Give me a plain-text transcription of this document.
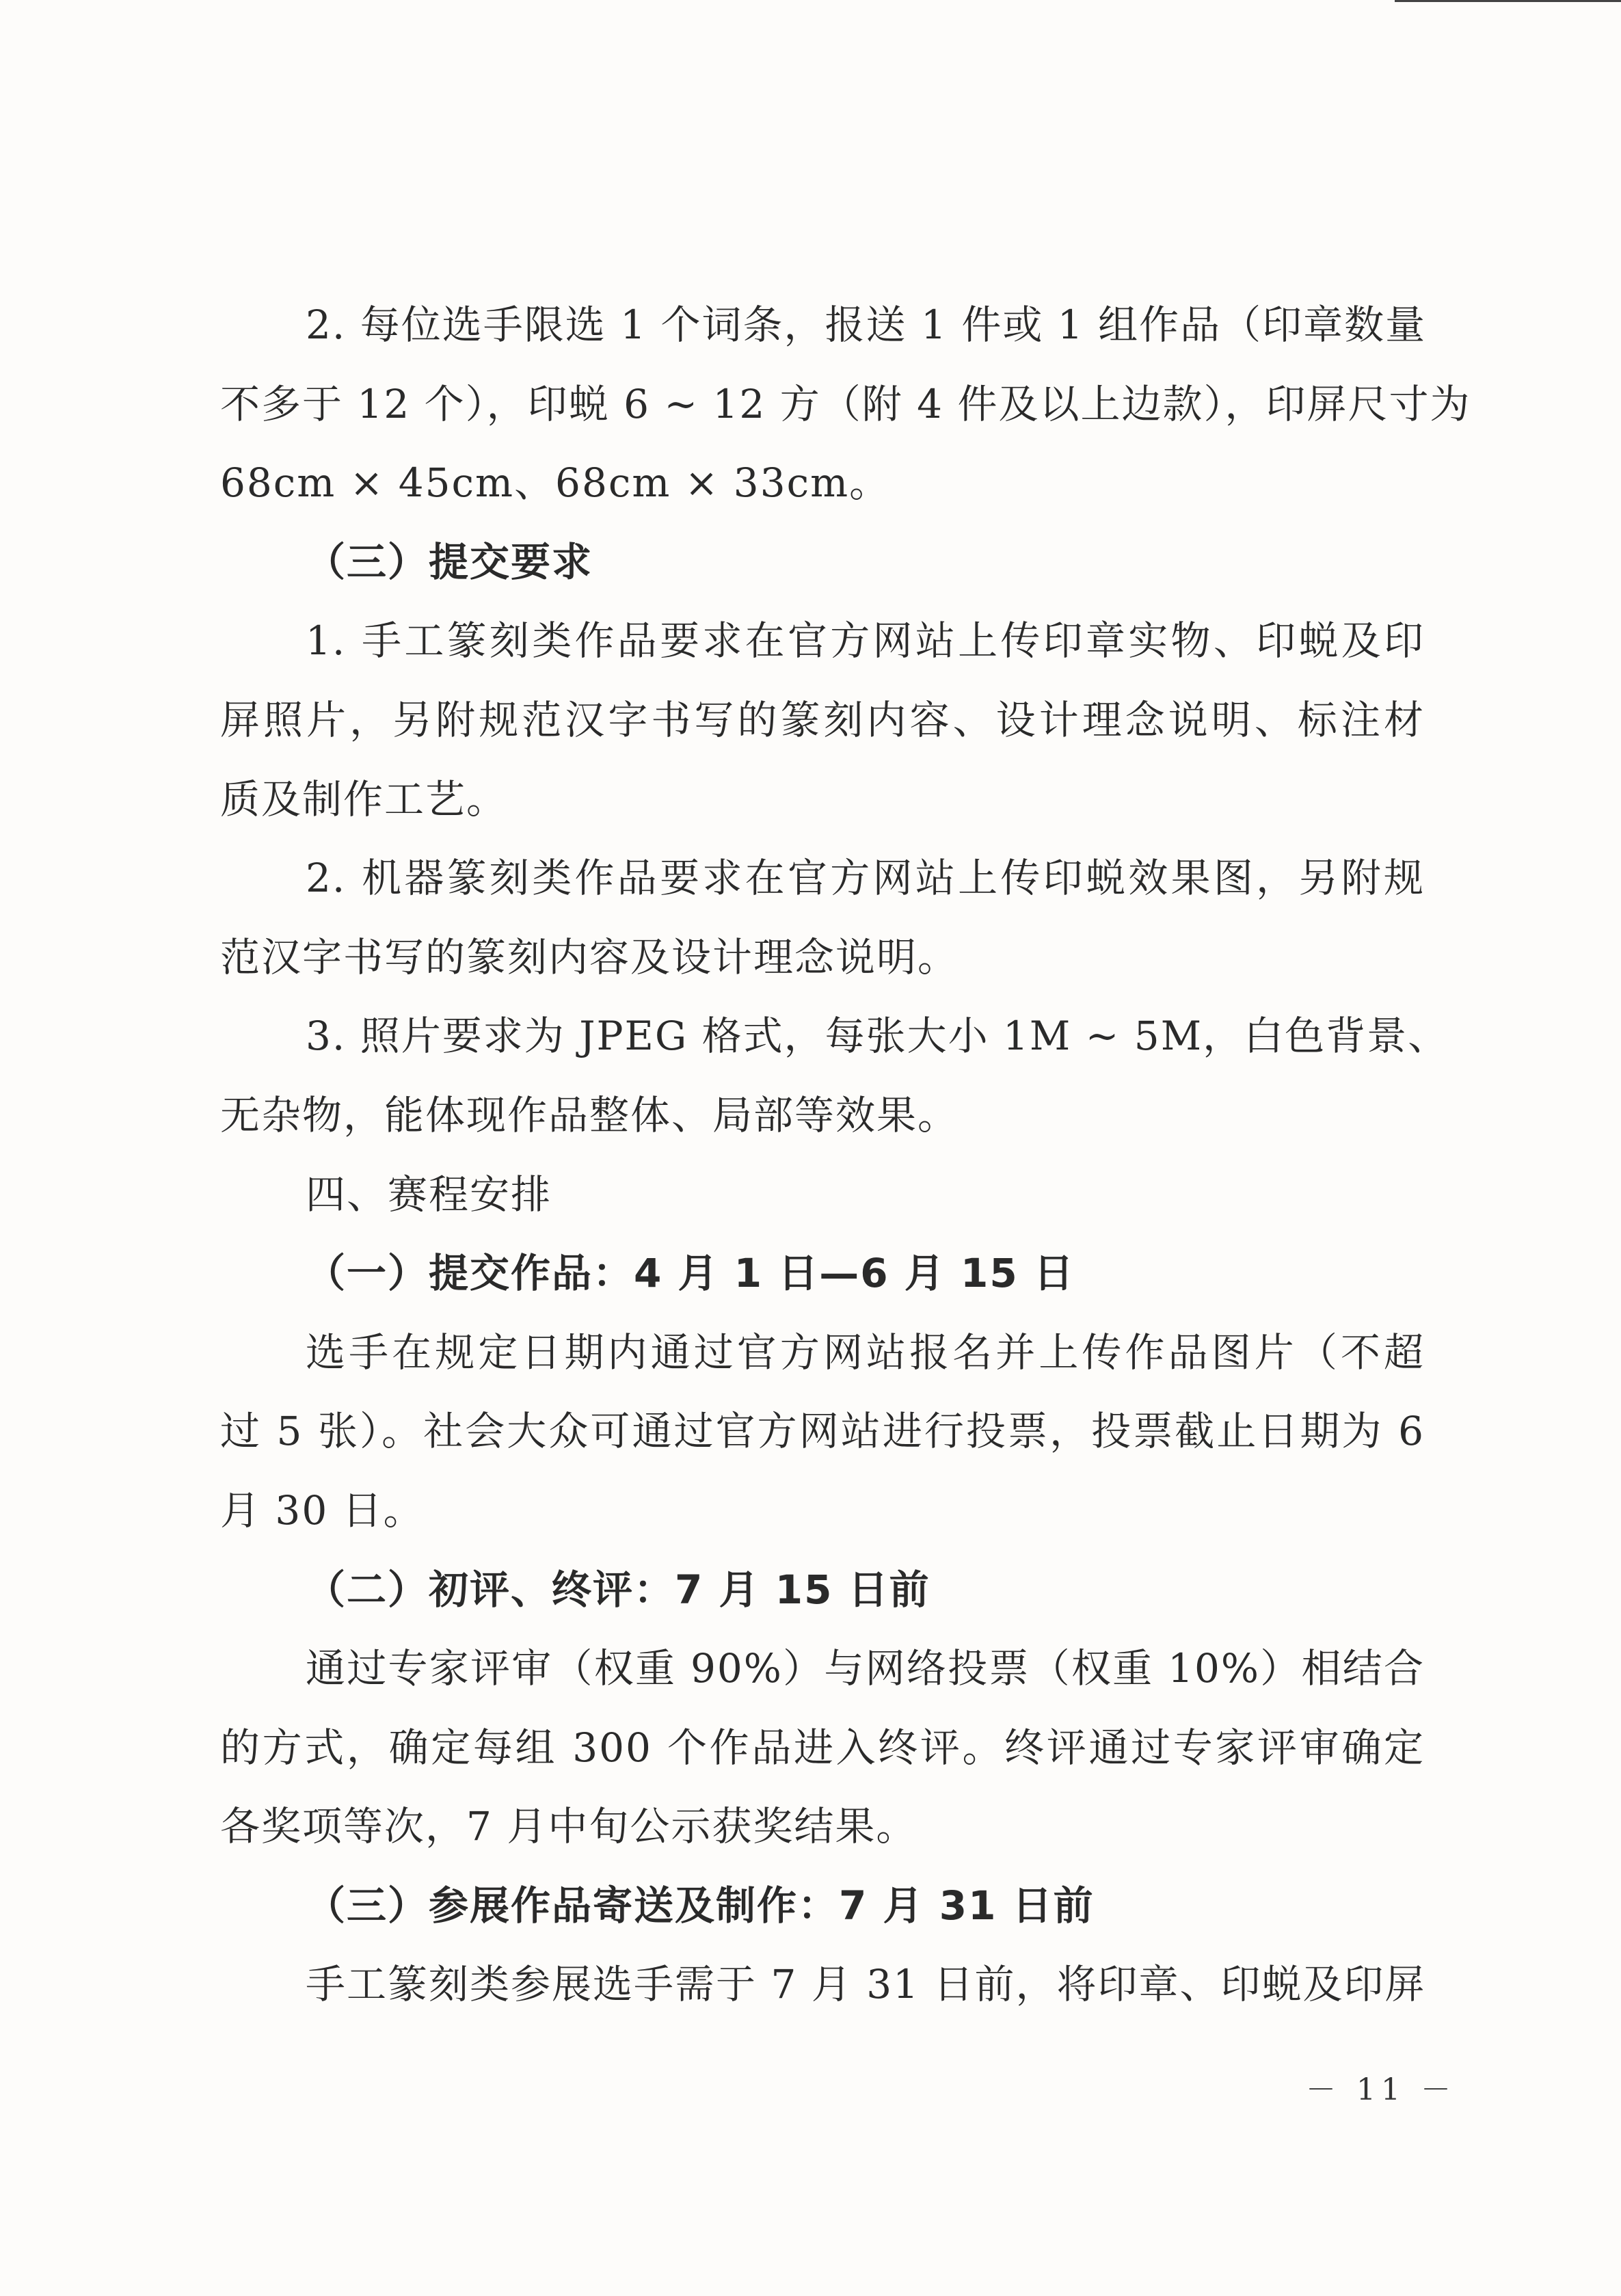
2. 每位选手限选 1 个词条，报送 1 件或 1 组作品（印章数量
不多于 12 个），印蜕 6 ~ 12 方（附 4 件及以上边款），印屏尺寸为
68cm × 45cm、68cm × 33cm。
（三）提交要求
1. 手工篆刻类作品要求在官方网站上传印章实物、印蜕及印
屏照片，另附规范汉字书写的篆刻内容、设计理念说明、标注材
质及制作工艺。
2. 机器篆刻类作品要求在官方网站上传印蜕效果图，另附规
范汉字书写的篆刻内容及设计理念说明。
3. 照片要求为 JPEG 格式，每张大小 1M ~ 5M，白色背景、
无杂物，能体现作品整体、局部等效果。
四、赛程安排
（一）提交作品：4 月 1 日—6 月 15 日
选手在规定日期内通过官方网站报名并上传作品图片（不超
过 5 张）。社会大众可通过官方网站进行投票，投票截止日期为 6
月 30 日。
（二）初评、终评：7 月 15 日前
通过专家评审（权重 90%）与网络投票（权重 10%）相结合
的方式，确定每组 300 个作品进入终评。终评通过专家评审确定
各奖项等次，7 月中旬公示获奖结果。
（三）参展作品寄送及制作：7 月 31 日前
手工篆刻类参展选手需于 7 月 31 日前，将印章、印蜕及印屏
－ 11 －
